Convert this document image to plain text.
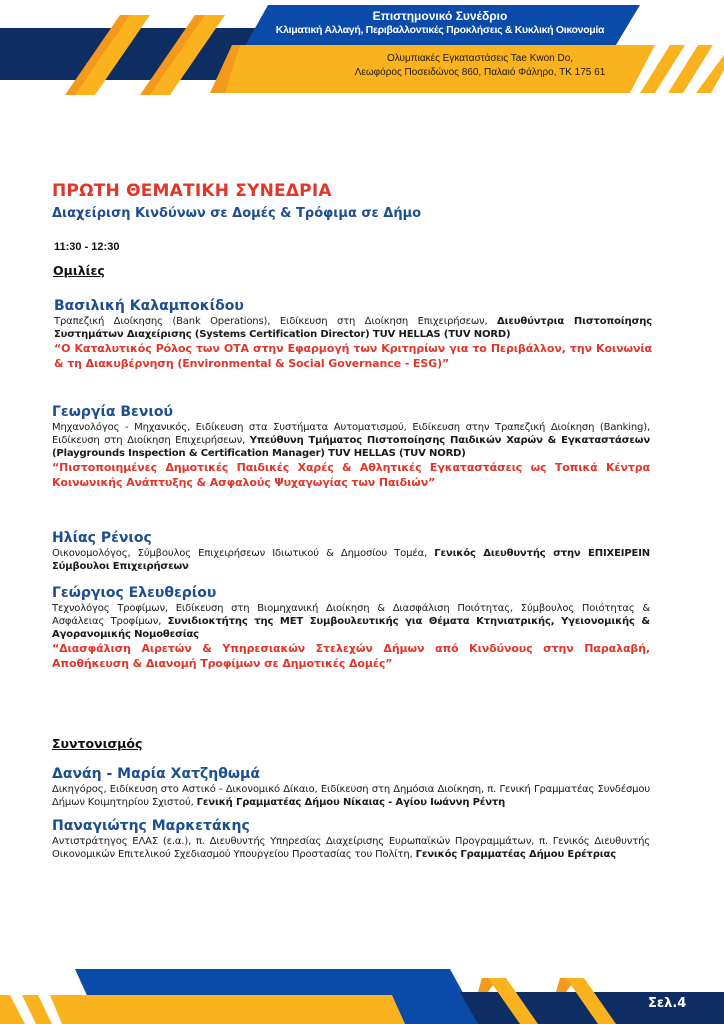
Επιστημονικό Συνέδριο
Κλιματική Αλλαγή, Περιβαλλοντικές Προκλήσεις & Κυκλική Οικονομία
Ολυμπιακές Εγκαταστάσεις Tae Kwon Do,
Λεωφόρος Ποσειδώνος 860, Παλαιό Φάληρο, ΤΚ 175 61
ΠΡΩΤΗ ΘΕΜΑΤΙΚΗ ΣΥΝΕΔΡΙΑ
Διαχείριση Κινδύνων σε Δομές & Τρόφιμα σε Δήμο
11:30 - 12:30
Ομιλίες
Βασιλική Καλαμποκίδου
Τραπεζική Διοίκησης (Bank Operations), Ειδίκευση στη Διοίκηση Επιχειρήσεων, Διευθύντρια Πιστοποίησης Συστημάτων Διαχείρισης (Systems Certification Director) TUV HELLAS (TUV NORD)
“Ο Καταλυτικός Ρόλος των ΟΤΑ στην Εφαρμογή των Κριτηρίων για το Περιβάλλον, την Κοινωνία & τη Διακυβέρνηση (Environmental & Social Governance - ESG)”
Γεωργία Βενιού
Μηχανολόγος - Μηχανικός, Ειδίκευση στα Συστήματα Αυτοματισμού, Ειδίκευση στην Τραπεζική Διοίκηση (Banking), Ειδίκευση στη Διοίκηση Επιχειρήσεων, Υπεύθυνη Τμήματος Πιστοποίησης Παιδικών Χαρών & Εγκαταστάσεων (Playgrounds Inspection & Certification Manager) TUV HELLAS (TUV NORD)
“Πιστοποιημένες Δημοτικές Παιδικές Χαρές & Αθλητικές Εγκαταστάσεις ως Τοπικά Κέντρα Κοινωνικής Ανάπτυξης & Ασφαλούς Ψυχαγωγίας των Παιδιών”
Ηλίας Ρένιος
Οικονομολόγος, Σύμβουλος Επιχειρήσεων Ιδιωτικού & Δημοσίου Τομέα, Γενικός Διευθυντής στην ΕΠΙΧΕΙΡΕΙΝ Σύμβουλοι Επιχειρήσεων
Γεώργιος Ελευθερίου
Τεχνολόγος Τροφίμων, Ειδίκευση στη Βιομηχανική Διοίκηση & Διασφάλιση Ποιότητας, Σύμβουλος Ποιότητας & Ασφάλειας Τροφίμων, Συνιδιοκτήτης της ΜΕΤ Συμβουλευτικής για Θέματα Κτηνιατρικής, Υγειονομικής & Αγορανομικής Νομοθεσίας
“Διασφάλιση Αιρετών & Υπηρεσιακών Στελεχών Δήμων από Κινδύνους στην Παραλαβή, Αποθήκευση & Διανομή Τροφίμων σε Δημοτικές Δομές”
Συντονισμός
Δανάη - Μαρία Χατζηθωμά
Δικηγόρος, Ειδίκευση στο Αστικό - Δικονομικό Δίκαιο, Ειδίκευση στη Δημόσια Διοίκηση, π. Γενική Γραμματέας Συνδέσμου Δήμων Κοιμητηρίου Σχιστού, Γενική Γραμματέας Δήμου Νίκαιας - Αγίου Ιωάννη Ρέντη
Παναγιώτης Μαρκετάκης
Αντιστράτηγος ΕΛΑΣ (ε.α.), π. Διευθυντής Υπηρεσίας Διαχείρισης Ευρωπαϊκών Προγραμμάτων, π. Γενικός Διευθυντής Οικονομικών Επιτελικού Σχεδιασμού Υπουργείου Προστασίας του Πολίτη, Γενικός Γραμματέας Δήμου Ερέτριας
Σελ.4
